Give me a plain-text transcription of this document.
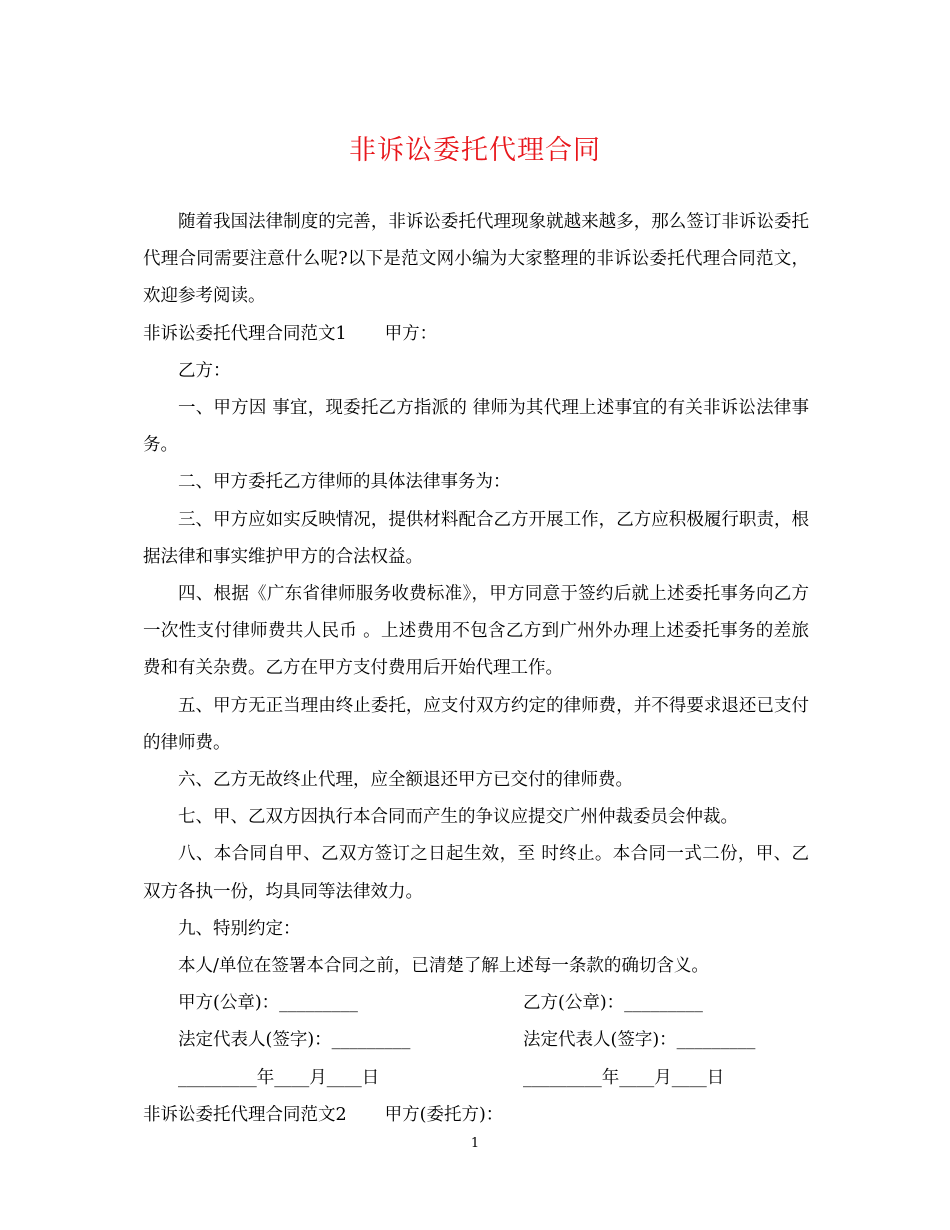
非诉讼委托代理合同

随着我国法律制度的完善，非诉讼委托代理现象就越来越多，那么签订非诉讼委托代理合同需要注意什么呢?以下是范文网小编为大家整理的非诉讼委托代理合同范文，欢迎参考阅读。

非诉讼委托代理合同范文1 甲方：

乙方：

一、甲方因 事宜，现委托乙方指派的 律师为其代理上述事宜的有关非诉讼法律事务。

二、甲方委托乙方律师的具体法律事务为：

三、甲方应如实反映情况，提供材料配合乙方开展工作，乙方应积极履行职责，根据法律和事实维护甲方的合法权益。

四、根据《广东省律师服务收费标准》，甲方同意于签约后就上述委托事务向乙方一次性支付律师费共人民币 。上述费用不包含乙方到广州外办理上述委托事务的差旅费和有关杂费。乙方在甲方支付费用后开始代理工作。

五、甲方无正当理由终止委托，应支付双方约定的律师费，并不得要求退还已支付的律师费。

六、乙方无故终止代理，应全额退还甲方已交付的律师费。

七、甲、乙双方因执行本合同而产生的争议应提交广州仲裁委员会仲裁。

八、本合同自甲、乙双方签订之日起生效，至 时终止。本合同一式二份，甲、乙双方各执一份，均具同等法律效力。

九、特别约定：

本人/单位在签署本合同之前，已清楚了解上述每一条款的确切含义。

甲方(公章)：_________	乙方(公章)：_________
法定代表人(签字)：_________	法定代表人(签字)：_________
_________年____月____日	_________年____月____日

非诉讼委托代理合同范文2 甲方(委托方)：

1
